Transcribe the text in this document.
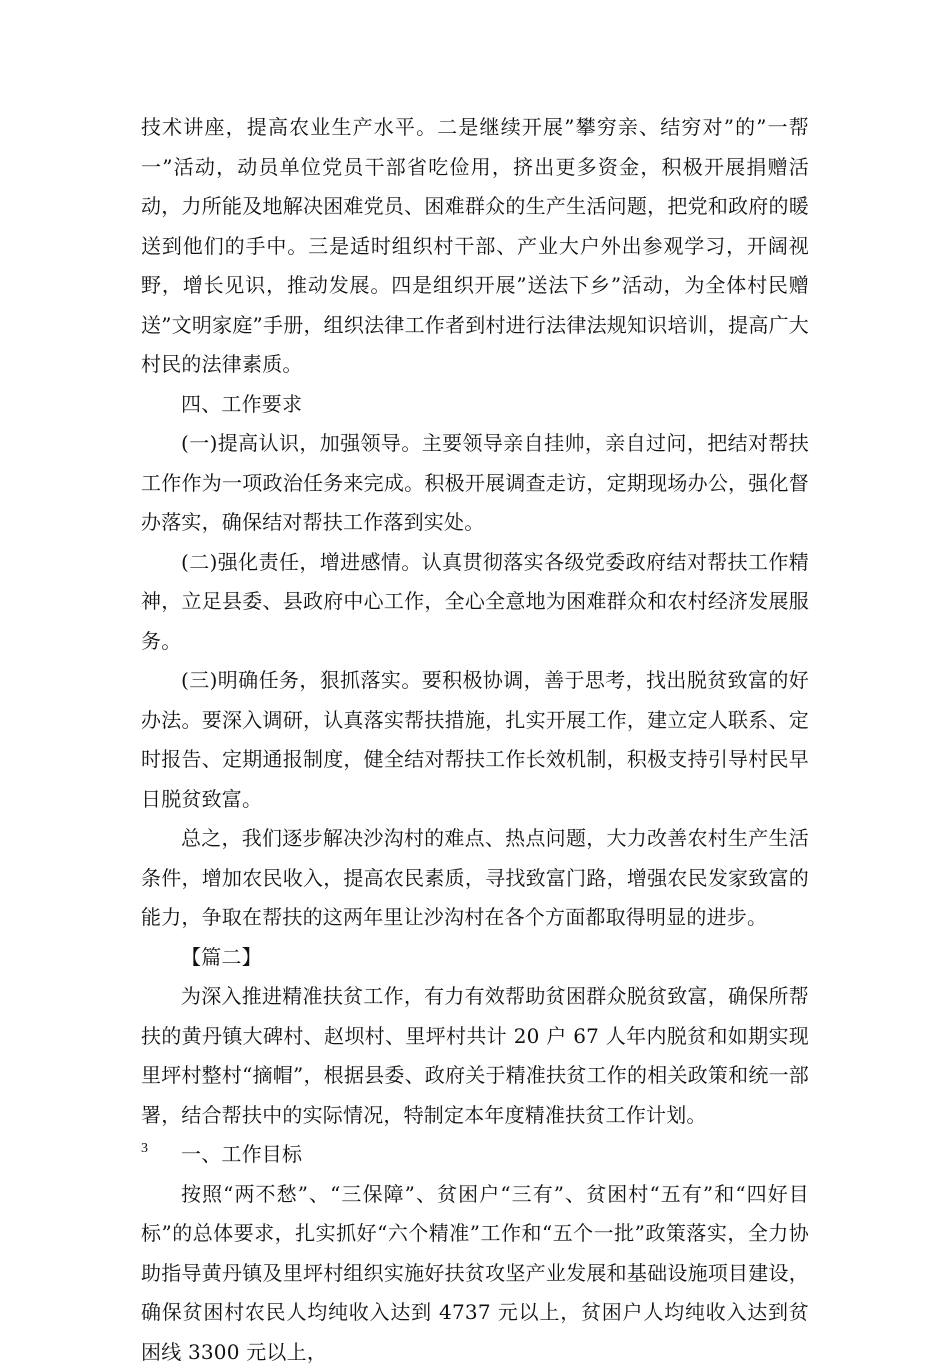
技术讲座，提高农业生产水平。二是继续开展”攀穷亲、结穷对”的”一帮一”活动，动员单位党员干部省吃俭用，挤出更多资金，积极开展捐赠活动，力所能及地解决困难党员、困难群众的生产生活问题，把党和政府的暖送到他们的手中。三是适时组织村干部、产业大户外出参观学习，开阔视野，增长见识，推动发展。四是组织开展”送法下乡”活动，为全体村民赠送”文明家庭”手册，组织法律工作者到村进行法律法规知识培训，提高广大村民的法律素质。

四、工作要求

(一)提高认识，加强领导。主要领导亲自挂帅，亲自过问，把结对帮扶工作作为一项政治任务来完成。积极开展调查走访，定期现场办公，强化督办落实，确保结对帮扶工作落到实处。

(二)强化责任，增进感情。认真贯彻落实各级党委政府结对帮扶工作精神，立足县委、县政府中心工作，全心全意地为困难群众和农村经济发展服务。

(三)明确任务，狠抓落实。要积极协调，善于思考，找出脱贫致富的好办法。要深入调研，认真落实帮扶措施，扎实开展工作，建立定人联系、定时报告、定期通报制度，健全结对帮扶工作长效机制，积极支持引导村民早日脱贫致富。

总之，我们逐步解决沙沟村的难点、热点问题，大力改善农村生产生活条件，增加农民收入，提高农民素质，寻找致富门路，增强农民发家致富的能力，争取在帮扶的这两年里让沙沟村在各个方面都取得明显的进步。

【篇二】

为深入推进精准扶贫工作，有力有效帮助贫困群众脱贫致富，确保所帮扶的黄丹镇大碑村、赵坝村、里坪村共计 20 户 67 人年内脱贫和如期实现里坪村整村“摘帽”，根据县委、政府关于精准扶贫工作的相关政策和统一部署，结合帮扶中的实际情况，特制定本年度精准扶贫工作计划。

一、工作目标

按照“两不愁”、“三保障”、贫困户“三有”、贫困村“五有”和“四好目标”的总体要求，扎实抓好“六个精准”工作和“五个一批”政策落实，全力协助指导黄丹镇及里坪村组织实施好扶贫攻坚产业发展和基础设施项目建设，确保贫困村农民人均纯收入达到 4737 元以上，贫困户人均纯收入达到贫困线 3300 元以上，

3
